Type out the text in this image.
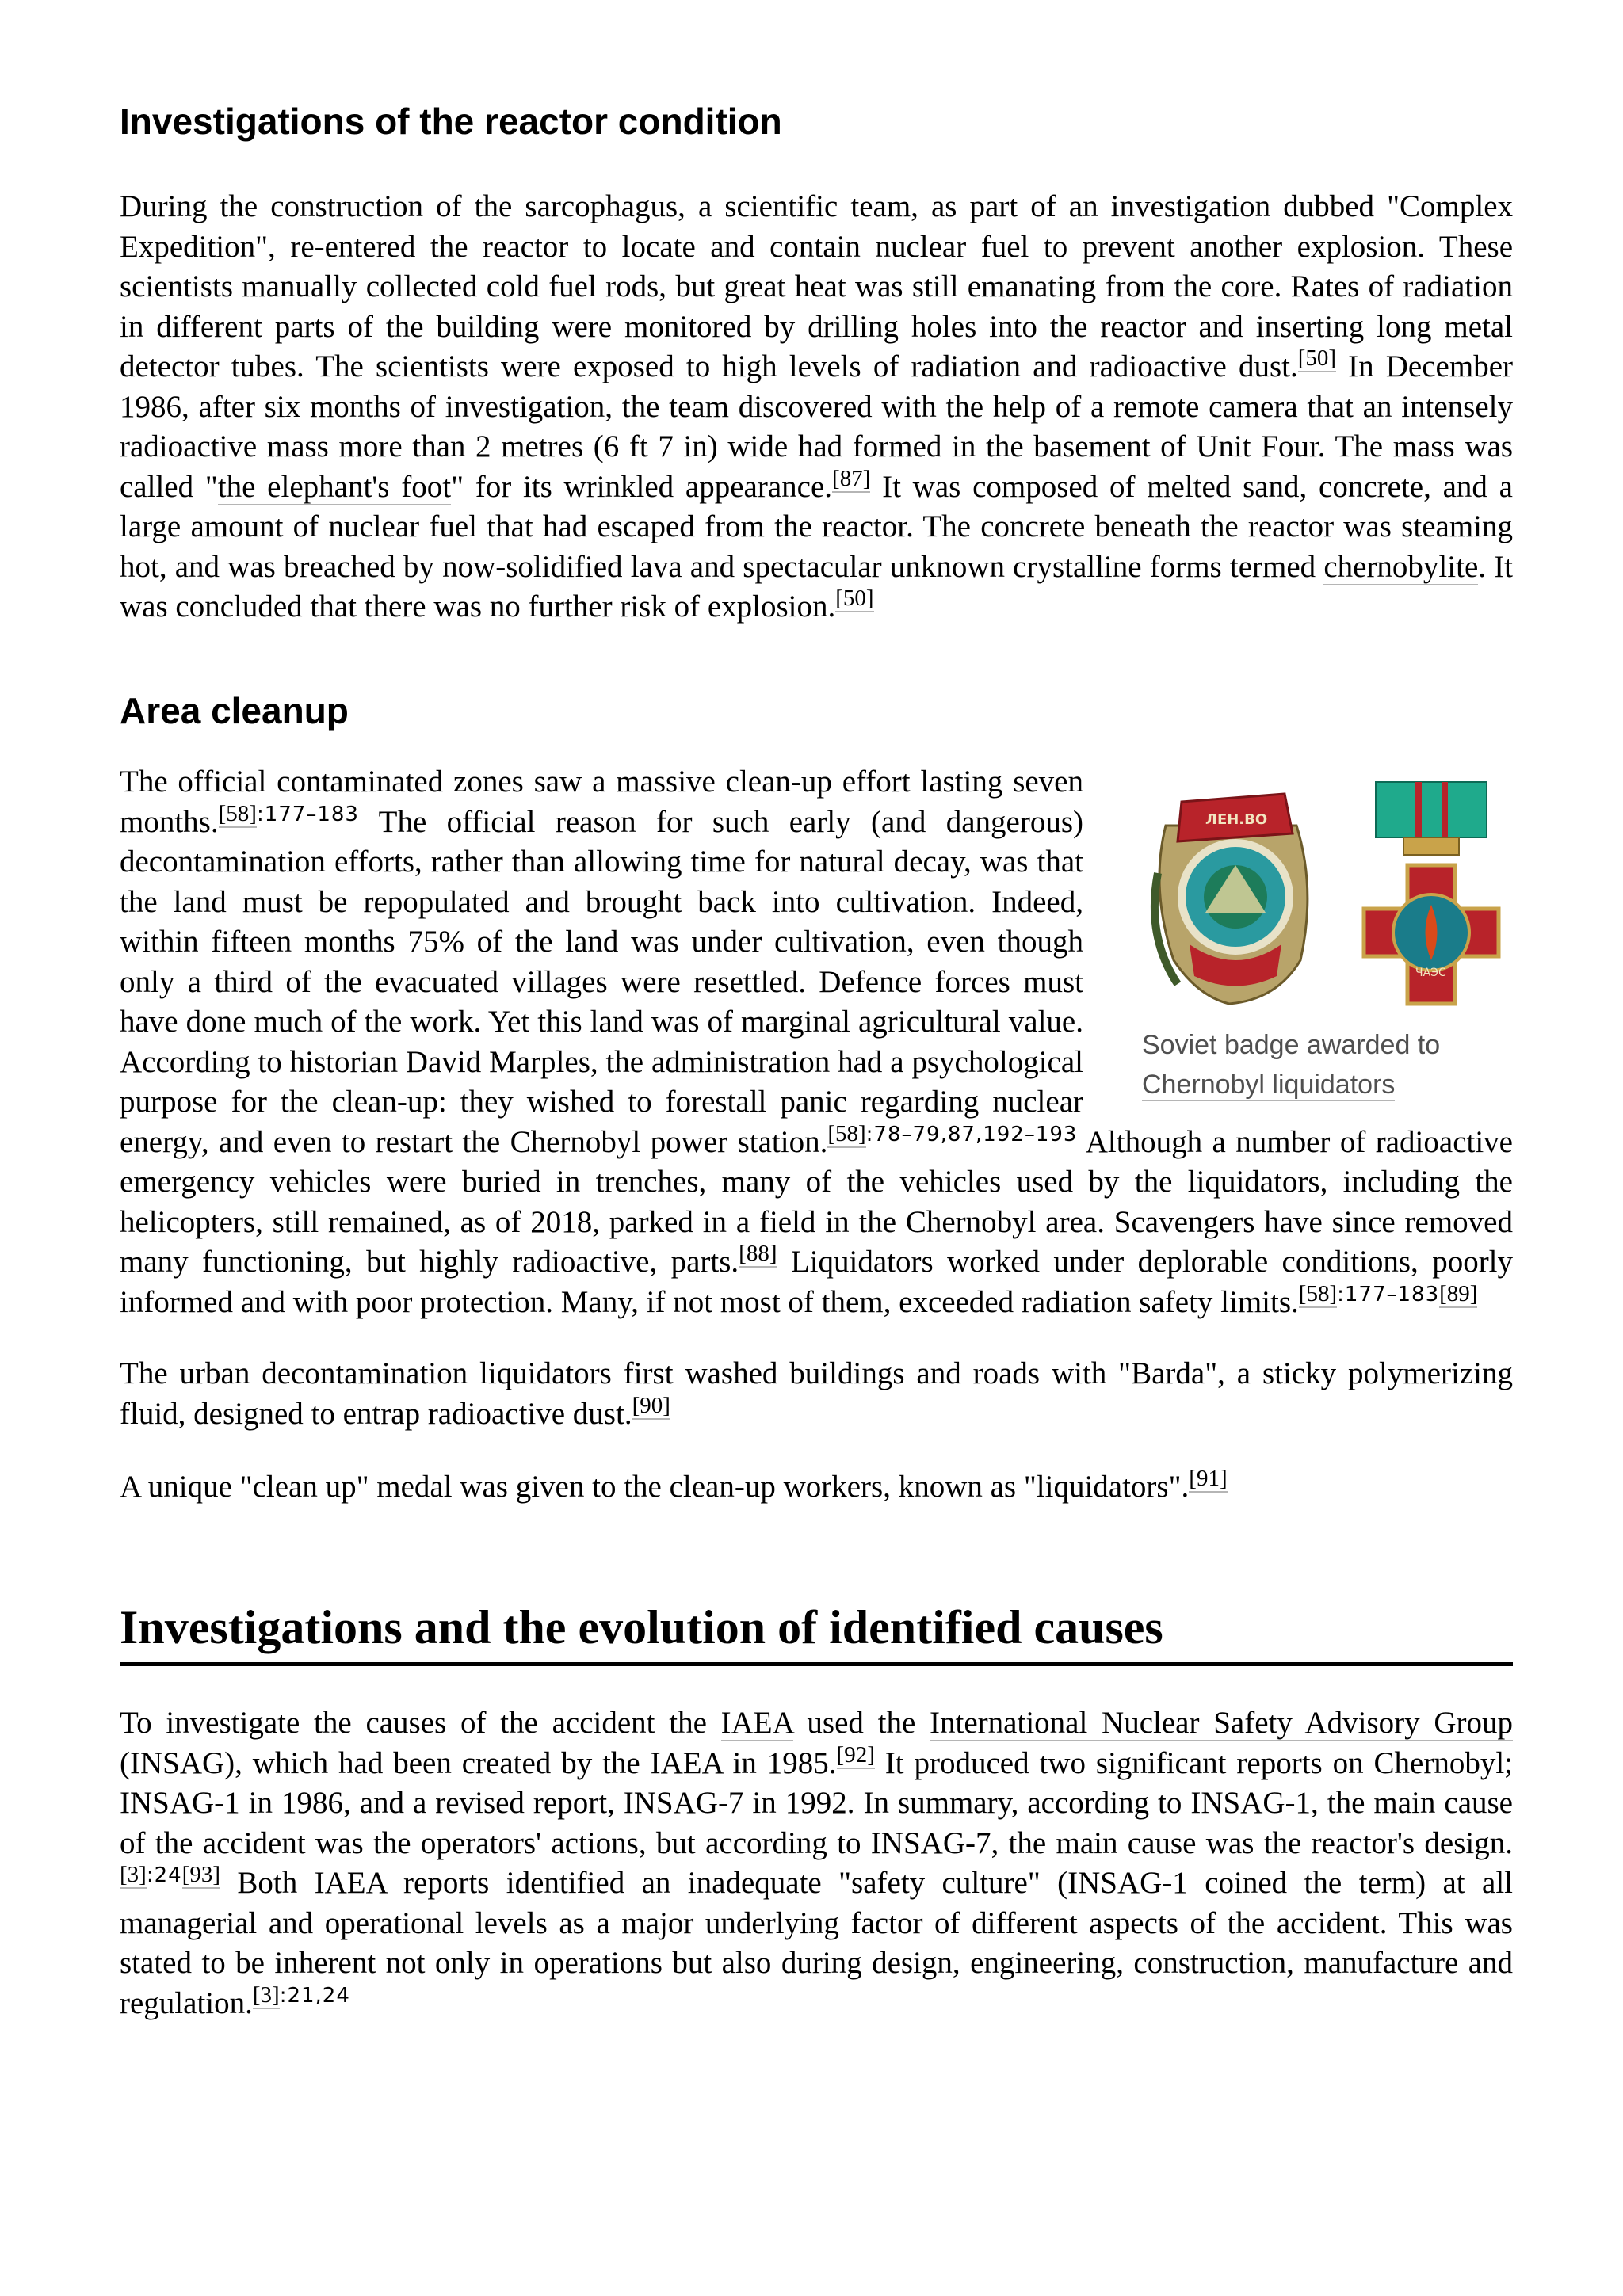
Investigations of the reactor condition

During the construction of the sarcophagus, a scientific team, as part of an investigation dubbed "Complex Expedition", re-entered the reactor to locate and contain nuclear fuel to prevent another explosion. These scientists manually collected cold fuel rods, but great heat was still emanating from the core. Rates of radiation in different parts of the building were monitored by drilling holes into the reactor and inserting long metal detector tubes. The scientists were exposed to high levels of radiation and radioactive dust.[50] In December 1986, after six months of investigation, the team discovered with the help of a remote camera that an intensely radioactive mass more than 2 metres (6 ft 7 in) wide had formed in the basement of Unit Four. The mass was called "the elephant's foot" for its wrinkled appearance.[87] It was composed of melted sand, concrete, and a large amount of nuclear fuel that had escaped from the reactor. The concrete beneath the reactor was steaming hot, and was breached by now-solidified lava and spectacular unknown crystalline forms termed chernobylite. It was concluded that there was no further risk of explosion.[50]

Area cleanup
ЛЕН.ВО
ЧАЭС
Soviet badge awarded to
Chernobyl liquidators

The official contaminated zones saw a massive clean-up effort lasting seven months.$^{[58]:177-183}$ The official reason for such early (and dangerous) decontamination efforts, rather than allowing time for natural decay, was that the land must be repopulated and brought back into cultivation. Indeed, within fifteen months 75% of the land was under cultivation, even though only a third of the evacuated villages were resettled. Defence forces must have done much of the work. Yet this land was of marginal agricultural value. According to historian David Marples, the administration had a psychological purpose for the clean-up: they wished to forestall panic regarding nuclear energy, and even to restart the Chernobyl power station.$^{[58]:78-79,87,192-193}$ Although a number of radioactive emergency vehicles were buried in trenches, many of the vehicles used by the liquidators, including the helicopters, still remained, as of 2018, parked in a field in the Chernobyl area. Scavengers have since removed many functioning, but highly radioactive, parts.[88] Liquidators worked under deplorable conditions, poorly informed and with poor protection. Many, if not most of them, exceeded radiation safety limits.[58]:177–183[89]

The urban decontamination liquidators first washed buildings and roads with "Barda", a sticky polymerizing fluid, designed to entrap radioactive dust.[90]

A unique "clean up" medal was given to the clean-up workers, known as "liquidators".[91]

Investigations and the evolution of identified causes

To investigate the causes of the accident the IAEA used the International Nuclear Safety Advisory Group (INSAG), which had been created by the IAEA in 1985.[92] It produced two significant reports on Chernobyl; INSAG-1 in 1986, and a revised report, INSAG-7 in 1992. In summary, according to INSAG-1, the main cause of the accident was the operators' actions, but according to INSAG-7, the main cause was the reactor's design.[3]:24[93] Both IAEA reports identified an inadequate "safety culture" (INSAG-1 coined the term) at all managerial and operational levels as a major underlying factor of different aspects of the accident. This was stated to be inherent not only in operations but also during design, engineering, construction, manufacture and regulation.$^{[3]:21,24}$
